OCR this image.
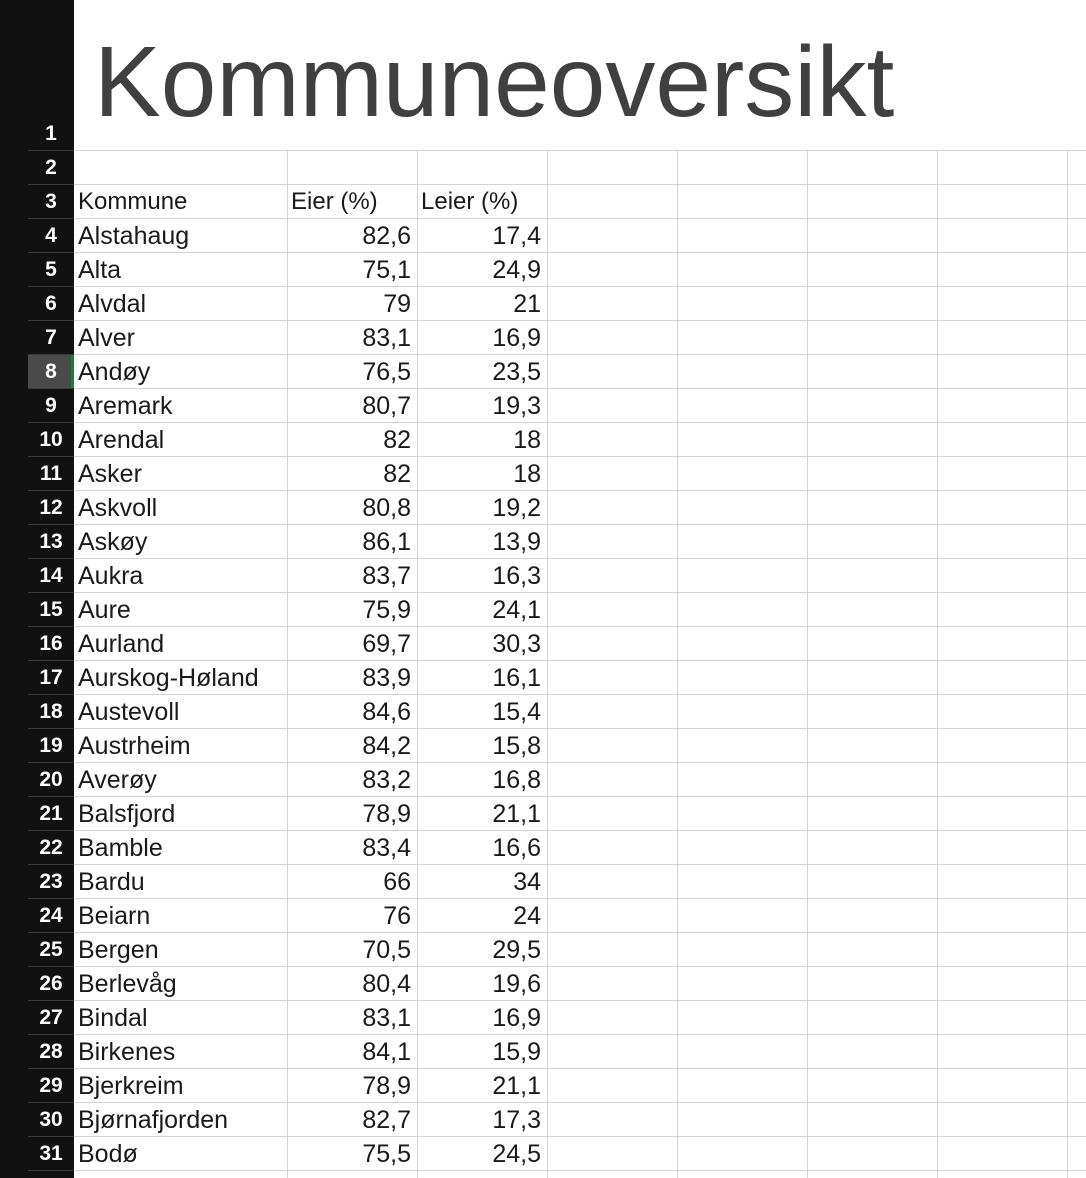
1
2
3
4
5
6
7
8
9
10
11
12
13
14
15
16
17
18
19
20
21
22
23
24
25
26
27
28
29
30
31
Kommuneoversikt
Kommune	Eier (%) Leier (%)
Alstahaug	82,6	17,4
Alta	75,1	24,9
Alvdal	79	21
Alver	83,1	16,9
Andøy	76,5	23,5
Aremark	80,7	19,3
Arendal	82	18
Asker	82	18
Askvoll	80,8	19,2
Askøy	86,1	13,9
Aukra	83,7	16,3
Aure	75,9	24,1
Aurland	69,7	30,3
Aurskog-Høland	83,9	16,1
Austevoll	84,6	15,4
Austrheim	84,2	15,8
Averøy	83,2	16,8
Balsfjord	78,9	21,1
Bamble	83,4	16,6
Bardu	66	34
Beiarn	76	24
Bergen	70,5	29,5
Berlevåg	80,4	19,6
Bindal	83,1	16,9
Birkenes	84,1	15,9
Bjerkreim	78,9	21,1
Bjørnafjorden	82,7	17,3
Bodø	75,5	24,5
